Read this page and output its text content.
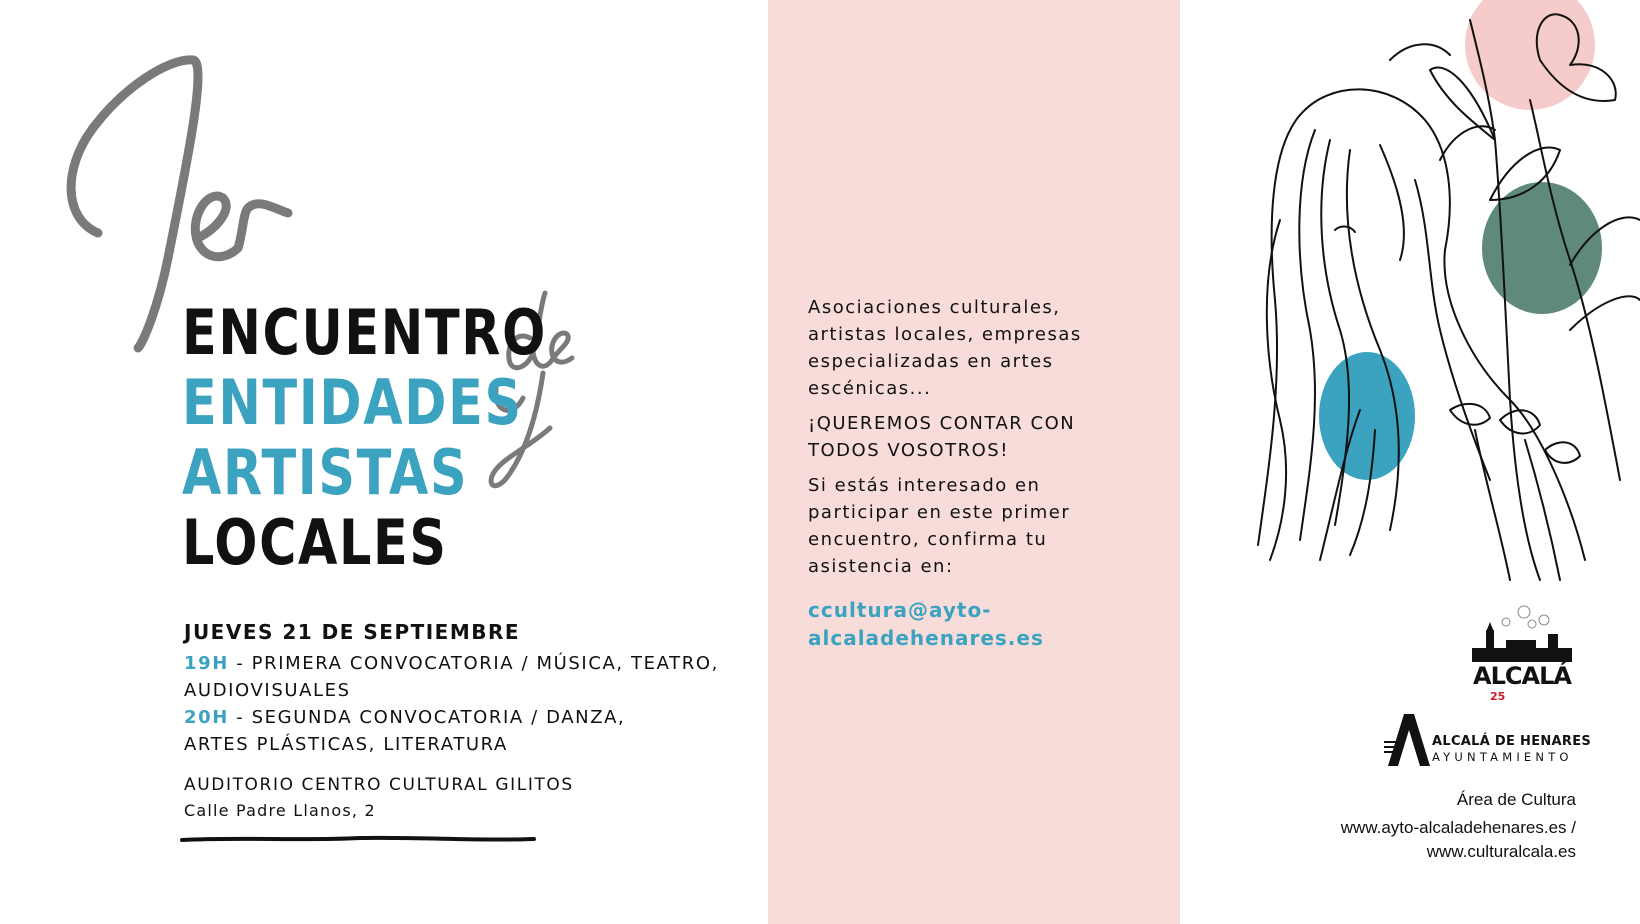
ENCUENTRO
ENTIDADES
ARTISTAS
LOCALES
JUEVES 21 DE SEPTIEMBRE
19H - PRIMERA CONVOCATORIA / MÚSICA, TEATRO,
AUDIOVISUALES
20H - SEGUNDA CONVOCATORIA / DANZA,
ARTES PLÁSTICAS, LITERATURA
AUDITORIO CENTRO CULTURAL GILITOS
Calle Padre Llanos, 2
Asociaciones culturales, artistas locales, empresas especializadas en artes escénicas...
¡QUEREMOS CONTAR CON TODOS VOSOTROS!
Si estás interesado en participar en este primer encuentro, confirma tu asistencia en:
ccultura@ayto-
alcaladehenares.es
ALCALÁ
25
ALCALÁ DE HENARES
AYUNTAMIENTO
Área de Cultura
www.ayto-alcaladehenares.es /
www.culturalcala.es
